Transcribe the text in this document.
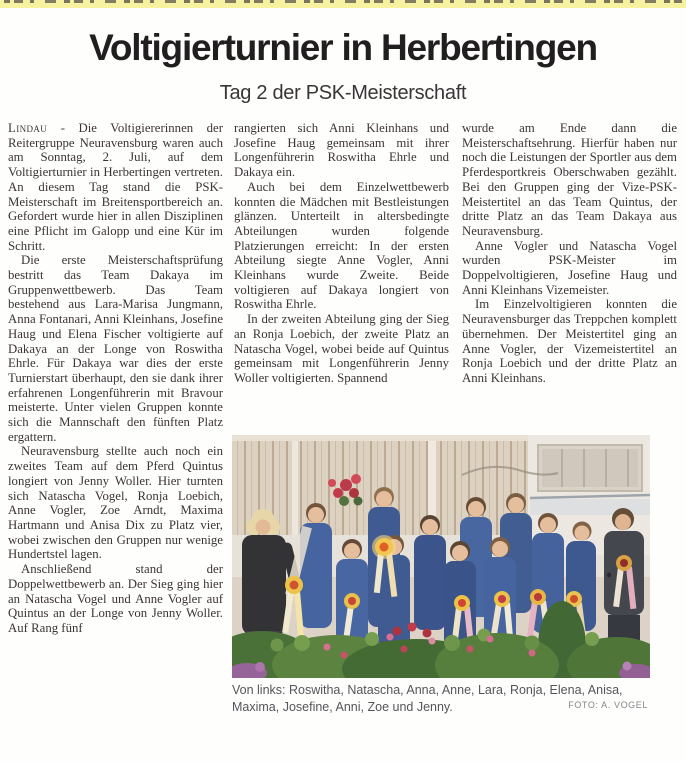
Voltigierturnier in Herbertingen
Tag 2 der PSK-Meisterschaft

Lindau - Die Voltigiererinnen der Reitergruppe Neuravensburg waren auch am Sonntag, 2. Juli, auf dem Voltigierturnier in Herbertingen vertreten. An diesem Tag stand die PSK-Meisterschaft im Breitensportbereich an. Gefordert wurde hier in allen Disziplinen eine Pflicht im Galopp und eine Kür im Schritt.

Die erste Meisterschaftsprüfung bestritt das Team Dakaya im Gruppenwettbewerb. Das Team bestehend aus Lara-Marisa Jungmann, Anna Fontanari, Anni Kleinhans, Josefine Haug und Elena Fischer voltigierte auf Dakaya an der Longe von Roswitha Ehrle. Für Dakaya war dies der erste Turnierstart überhaupt, den sie dank ihrer erfahrenen Longenführerin mit Bravour meisterte. Unter vielen Gruppen konnte sich die Mannschaft den fünften Platz ergattern.

Neuravensburg stellte auch noch ein zweites Team auf dem Pferd Quintus longiert von Jenny Woller. Hier turnten sich Natascha Vogel, Ronja Loebich, Anne Vogler, Zoe Arndt, Maxima Hartmann und Anisa Dix zu Platz vier, wobei zwischen den Gruppen nur wenige Hundertstel lagen.

Anschließend stand der Doppelwettbewerb an. Der Sieg ging hier an Natascha Vogel und Anne Vogler auf Quintus an der Longe von Jenny Woller. Auf Rang fünf

rangierten sich Anni Kleinhans und Josefine Haug gemeinsam mit ihrer Longenführerin Roswitha Ehrle und Dakaya ein.

Auch bei dem Einzelwettbewerb konnten die Mädchen mit Bestleistungen glänzen. Unterteilt in altersbedingte Abteilungen wurden folgende Platzierungen erreicht: In der ersten Abteilung siegte Anne Vogler, Anni Kleinhans wurde Zweite. Beide voltigieren auf Dakaya longiert von Roswitha Ehrle.

In der zweiten Abteilung ging der Sieg an Ronja Loebich, der zweite Platz an Natascha Vogel, wobei beide auf Quintus gemeinsam mit Longenführerin Jenny Woller voltigierten. Spannend

wurde am Ende dann die Meisterschaftsehrung. Hierfür haben nur noch die Leistungen der Sportler aus dem Pferdesportkreis Oberschwaben gezählt. Bei den Gruppen ging der Vize-PSK-Meistertitel an das Team Quintus, der dritte Platz an das Team Dakaya aus Neuravensburg.

Anne Vogler und Natascha Vogel wurden PSK-Meister im Doppelvoltigieren, Josefine Haug und Anni Kleinhans Vizemeister.

Im Einzelvoltigieren konnten die Neuravensburger das Treppchen komplett übernehmen. Der Meistertitel ging an Anne Vogler, der Vizemeistertitel an Ronja Loebich und der dritte Platz an Anni Kleinhans.

Von links: Roswitha, Natascha, Anna, Anne, Lara, Ronja, Elena, Anisa, Maxima, Josefine, Anni, Zoe und Jenny.	FOTO: A. VOGEL
